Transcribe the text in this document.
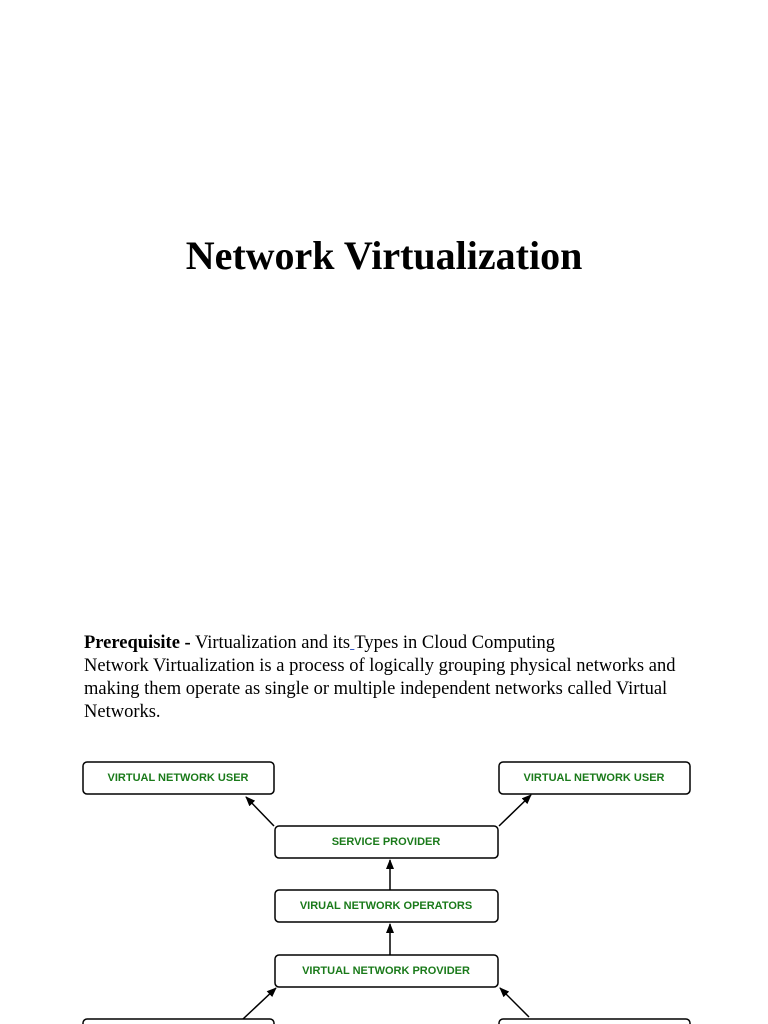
Network Virtualization

Prerequisite - Virtualization and its Types in Cloud Computing

Network Virtualization is a process of logically grouping physical networks and making them operate as single or multiple independent networks called Virtual Networks.

VIRTUAL NETWORK USER	VIRTUAL NETWORK USER
SERVICE PROVIDER
VIRUAL NETWORK OPERATORS
VIRTUAL NETWORK PROVIDER
